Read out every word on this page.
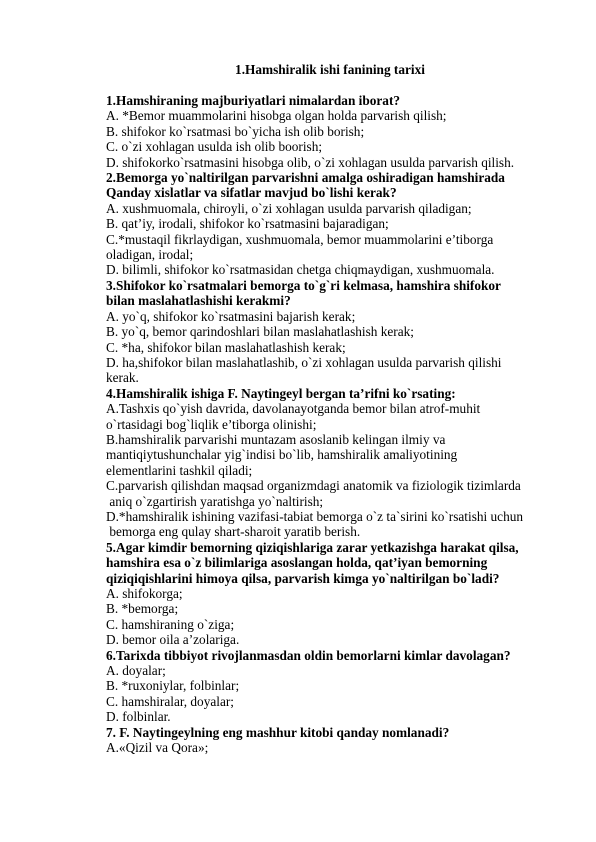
1.Hamshiralik ishi fanining tarixi
1.Hamshiraning majburiyatlari nimalardan iborat?
A. *Bemor muammolarini hisobga olgan holda parvarish qilish;
B. shifokor ko`rsatmasi bo`yicha ish olib borish;
C. o`zi xohlagan usulda ish olib boorish;
D. shifokorko`rsatmasini hisobga olib, o`zi xohlagan usulda parvarish qilish.
2.Bemorga yo`naltirilgan parvarishni amalga oshiradigan hamshirada
Qanday xislatlar va sifatlar mavjud bo`lishi kerak?
A. xushmuomala, chiroyli, o`zi xohlagan usulda parvarish qiladigan;
B. qat’iy, irodali, shifokor ko`rsatmasini bajaradigan;
C.*mustaqil fikrlaydigan, xushmuomala, bemor muammolarini e’tiborga
oladigan, irodal;
D. bilimli, shifokor ko`rsatmasidan chetga chiqmaydigan, xushmuomala.
3.Shifokor ko`rsatmalari bemorga to`g`ri kelmasa, hamshira shifokor
bilan maslahatlashishi kerakmi?
A. yo`q, shifokor ko`rsatmasini bajarish kerak;
B. yo`q, bemor qarindoshlari bilan maslahatlashish kerak;
C. *ha, shifokor bilan maslahatlashish kerak;
D. ha,shifokor bilan maslahatlashib, o`zi xohlagan usulda parvarish qilishi
kerak.
4.Hamshiralik ishiga F. Naytingeyl bergan ta’rifni ko`rsating:
A.Tashxis qo`yish davrida, davolanayotganda bemor bilan atrof-muhit
o`rtasidagi bog`liqlik e’tiborga olinishi;
B.hamshiralik parvarishi muntazam asoslanib kelingan ilmiy va
mantiqiytushunchalar yig`indisi bo`lib, hamshiralik amaliyotining
elementlarini tashkil qiladi;
C.parvarish qilishdan maqsad organizmdagi anatomik va fiziologik tizimlarda
aniq o`zgartirish yaratishga yo`naltirish;
D.*hamshiralik ishining vazifasi-tabiat bemorga o`z ta`sirini ko`rsatishi uchun
bemorga eng qulay shart-sharoit yaratib berish.
5.Agar kimdir bemorning qiziqishlariga zarar yetkazishga harakat qilsa,
hamshira esa o`z bilimlariga asoslangan holda, qat’iyan bemorning
qiziqiqishlarini himoya qilsa, parvarish kimga yo`naltirilgan bo`ladi?
A. shifokorga;
B. *bemorga;
C. hamshiraning o`ziga;
D. bemor oila a’zolariga.
6.Tarixda tibbiyot rivojlanmasdan oldin bemorlarni kimlar davolagan?
A. doyalar;
B. *ruxoniylar, folbinlar;
C. hamshiralar, doyalar;
D. folbinlar.
7. F. Naytingeylning eng mashhur kitobi qanday nomlanadi?
A.«Qizil va Qora»;
